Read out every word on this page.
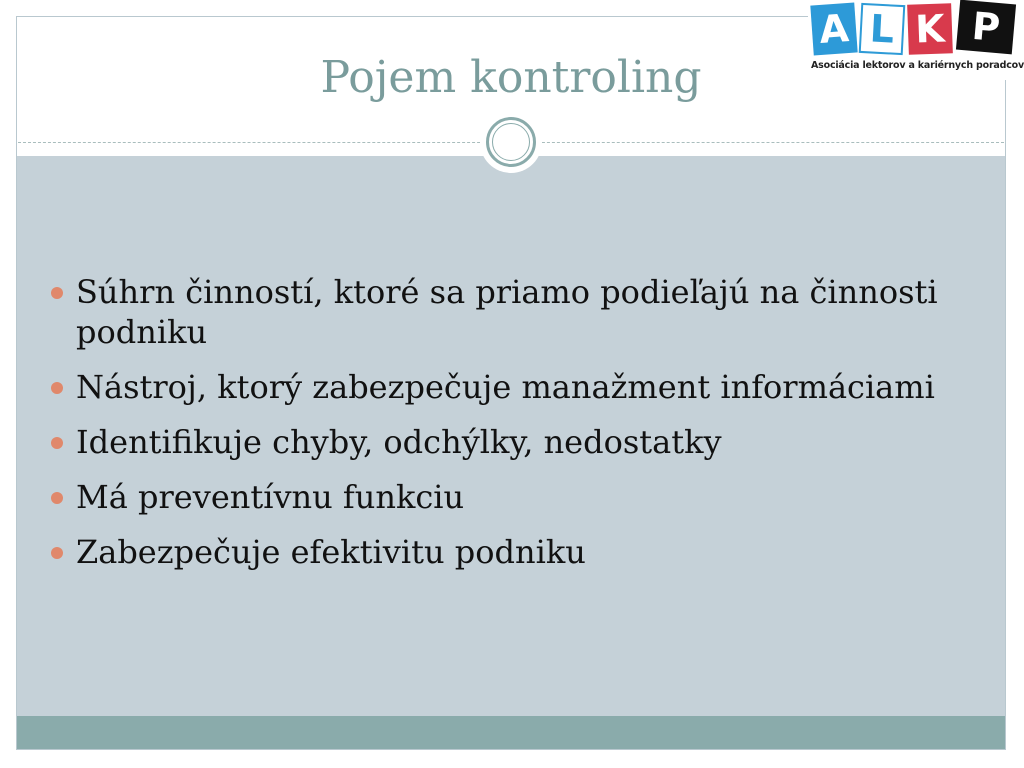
Pojem kontroling
Súhrn činností, ktoré sa priamo podieľajú na činnosti podniku
Nástroj, ktorý zabezpečuje manažment informáciami
Identifikuje chyby, odchýlky, nedostatky
Má preventívnu funkciu
Zabezpečuje efektivitu podniku
A L K P
Asociácia lektorov a kariérnych poradcov
